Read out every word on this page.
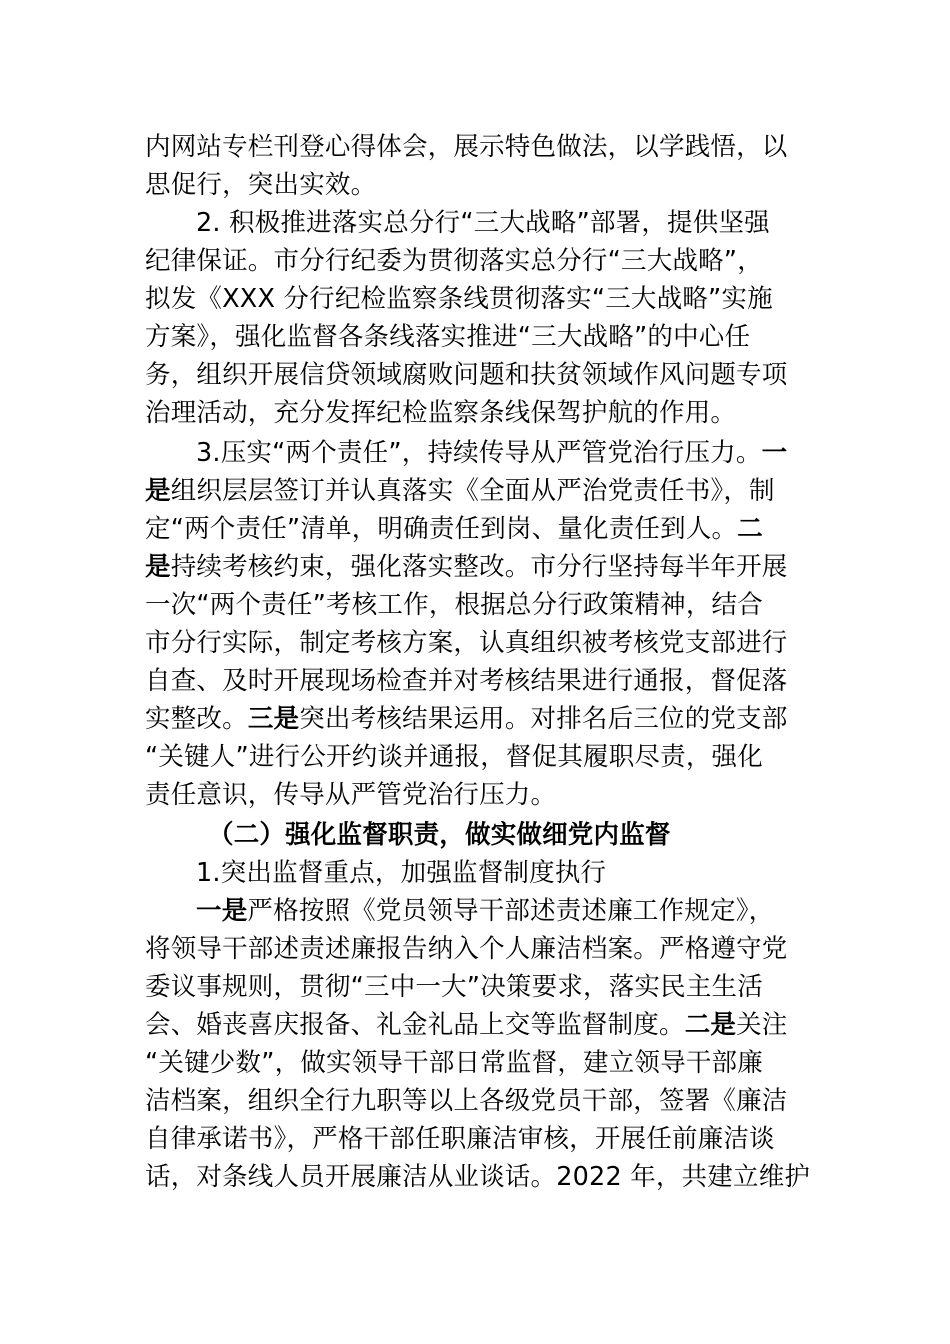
内网站专栏刊登心得体会，展示特色做法，以学践悟，以
思促行，突出实效。
2. 积极推进落实总分行“三大战略”部署，提供坚强
纪律保证。市分行纪委为贯彻落实总分行“三大战略”，
拟发《XXX 分行纪检监察条线贯彻落实“三大战略”实施
方案》，强化监督各条线落实推进“三大战略”的中心任
务，组织开展信贷领域腐败问题和扶贫领域作风问题专项
治理活动，充分发挥纪检监察条线保驾护航的作用。
3.压实“两个责任”，持续传导从严管党治行压力。一
是组织层层签订并认真落实《全面从严治党责任书》，制
定“两个责任”清单，明确责任到岗、量化责任到人。二
是持续考核约束，强化落实整改。市分行坚持每半年开展
一次“两个责任”考核工作，根据总分行政策精神，结合
市分行实际，制定考核方案，认真组织被考核党支部进行
自查、及时开展现场检查并对考核结果进行通报，督促落
实整改。三是突出考核结果运用。对排名后三位的党支部
“关键人”进行公开约谈并通报，督促其履职尽责，强化
责任意识，传导从严管党治行压力。
（二）强化监督职责，做实做细党内监督
1.突出监督重点，加强监督制度执行
一是严格按照《党员领导干部述责述廉工作规定》，
将领导干部述责述廉报告纳入个人廉洁档案。严格遵守党
委议事规则，贯彻“三中一大”决策要求，落实民主生活
会、婚丧喜庆报备、礼金礼品上交等监督制度。二是关注
“关键少数”，做实领导干部日常监督，建立领导干部廉
洁档案，组织全行九职等以上各级党员干部，签署《廉洁
自律承诺书》，严格干部任职廉洁审核，开展任前廉洁谈
话，对条线人员开展廉洁从业谈话。2022 年，共建立维护
